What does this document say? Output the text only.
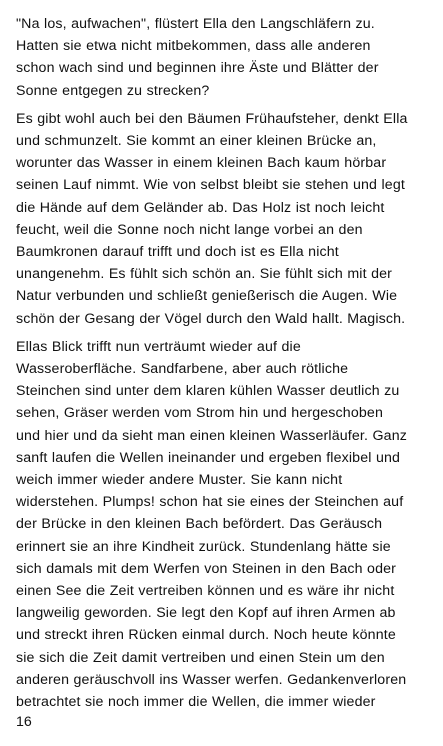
"Na los, aufwachen", flüstert Ella den Langschläfern zu.
Hatten sie etwa nicht mitbekommen, dass alle anderen
schon wach sind und beginnen ihre Äste und Blätter der
Sonne entgegen zu strecken?

Es gibt wohl auch bei den Bäumen Frühaufsteher, denkt Ella
und schmunzelt. Sie kommt an einer kleinen Brücke an,
worunter das Wasser in einem kleinen Bach kaum hörbar
seinen Lauf nimmt. Wie von selbst bleibt sie stehen und legt
die Hände auf dem Geländer ab. Das Holz ist noch leicht
feucht, weil die Sonne noch nicht lange vorbei an den
Baumkronen darauf trifft und doch ist es Ella nicht
unangenehm. Es fühlt sich schön an. Sie fühlt sich mit der
Natur verbunden und schließt genießerisch die Augen. Wie
schön der Gesang der Vögel durch den Wald hallt. Magisch.

Ellas Blick trifft nun verträumt wieder auf die
Wasseroberfläche. Sandfarbene, aber auch rötliche
Steinchen sind unter dem klaren kühlen Wasser deutlich zu
sehen, Gräser werden vom Strom hin und hergeschoben
und hier und da sieht man einen kleinen Wasserläufer. Ganz
sanft laufen die Wellen ineinander und ergeben flexibel und
weich immer wieder andere Muster. Sie kann nicht
widerstehen. Plumps! schon hat sie eines der Steinchen auf
der Brücke in den kleinen Bach befördert. Das Geräusch
erinnert sie an ihre Kindheit zurück. Stundenlang hätte sie
sich damals mit dem Werfen von Steinen in den Bach oder
einen See die Zeit vertreiben können und es wäre ihr nicht
langweilig geworden. Sie legt den Kopf auf ihren Armen ab
und streckt ihren Rücken einmal durch. Noch heute könnte
sie sich die Zeit damit vertreiben und einen Stein um den
anderen geräuschvoll ins Wasser werfen. Gedankenverloren
betrachtet sie noch immer die Wellen, die immer wieder

16
